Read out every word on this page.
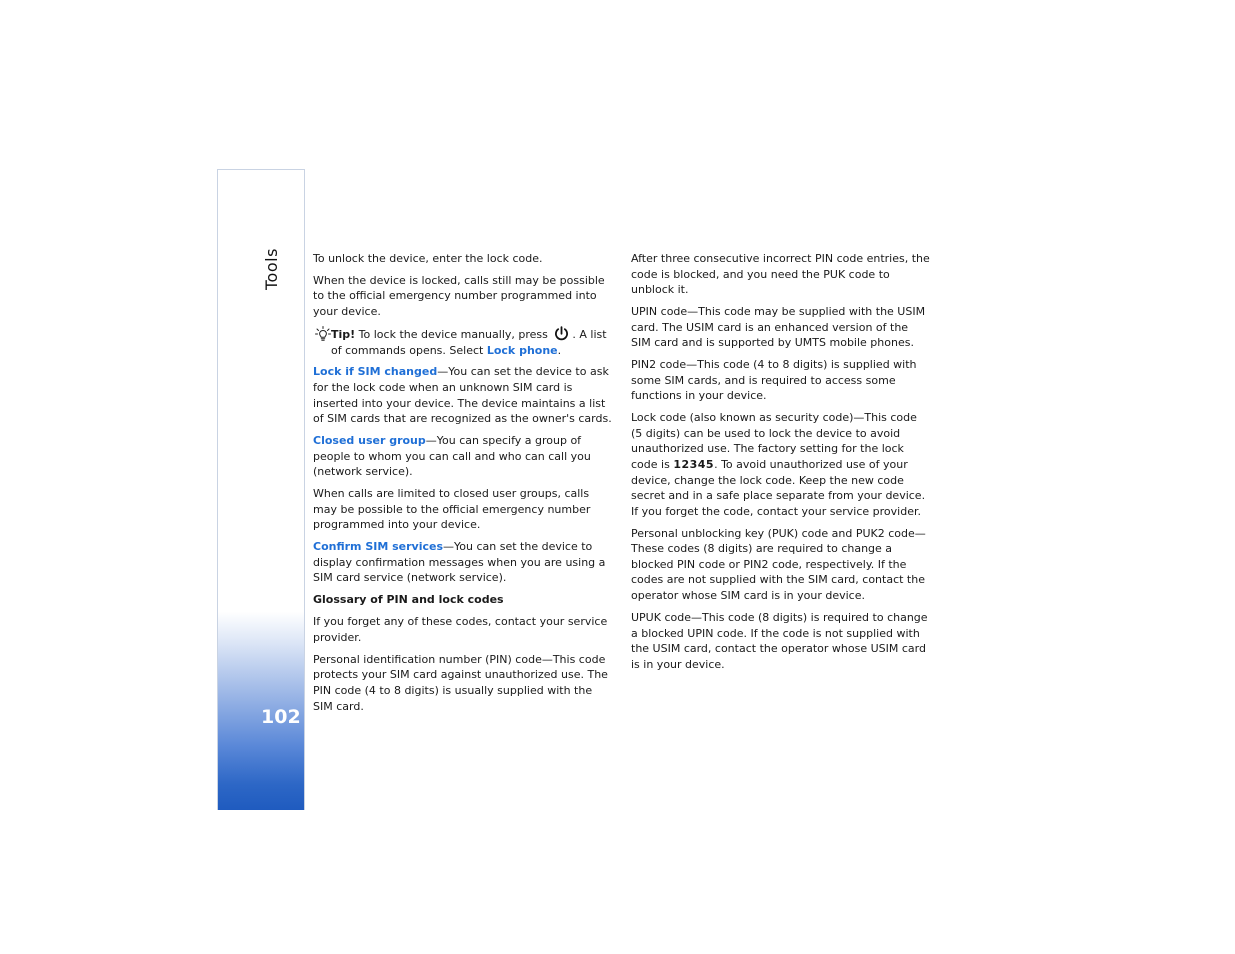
Tools
102

To unlock the device, enter the lock code.

When the device is locked, calls still may be possible to the official emergency number programmed into your device.

Tip! To lock the device manually, press . A list of commands opens. Select Lock phone.

Lock if SIM changed—You can set the device to ask for the lock code when an unknown SIM card is inserted into your device. The device maintains a list of SIM cards that are recognized as the owner's cards.

Closed user group—You can specify a group of people to whom you can call and who can call you (network service).

When calls are limited to closed user groups, calls may be possible to the official emergency number programmed into your device.

Confirm SIM services—You can set the device to display confirmation messages when you are using a SIM card service (network service).

Glossary of PIN and lock codes

If you forget any of these codes, contact your service provider.

Personal identification number (PIN) code—This code protects your SIM card against unauthorized use. The PIN code (4 to 8 digits) is usually supplied with the SIM card.

After three consecutive incorrect PIN code entries, the code is blocked, and you need the PUK code to unblock it.

UPIN code—This code may be supplied with the USIM card. The USIM card is an enhanced version of the SIM card and is supported by UMTS mobile phones.

PIN2 code—This code (4 to 8 digits) is supplied with some SIM cards, and is required to access some functions in your device.

Lock code (also known as security code)—This code (5 digits) can be used to lock the device to avoid unauthorized use. The factory setting for the lock code is 12345. To avoid unauthorized use of your device, change the lock code. Keep the new code secret and in a safe place separate from your device. If you forget the code, contact your service provider.

Personal unblocking key (PUK) code and PUK2 code—These codes (8 digits) are required to change a blocked PIN code or PIN2 code, respectively. If the codes are not supplied with the SIM card, contact the operator whose SIM card is in your device.

UPUK code—This code (8 digits) is required to change a blocked UPIN code. If the code is not supplied with the USIM card, contact the operator whose USIM card is in your device.
